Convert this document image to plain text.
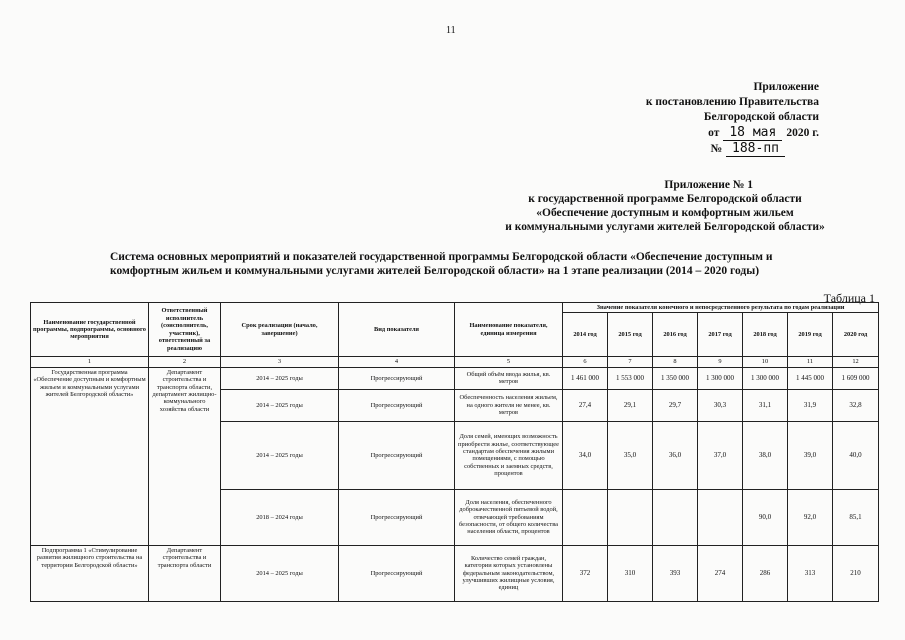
11
Приложение
к постановлению Правительства
Белгородской области
от 18 мая 2020 г.
№ 188-пп
Приложение № 1
к государственной программе Белгородской области
«Обеспечение доступным и комфортным жильем
и коммунальными услугами жителей Белгородской области»
Система основных мероприятий и показателей государственной программы Белгородской области «Обеспечение доступным и комфортным жильем и коммунальными услугами жителей Белгородской области» на 1 этапе реализации (2014 – 2020 годы)
Таблица 1
Наименование государственной программы, подпрограммы, основного мероприятия	Ответственный исполнитель (соисполнитель, участник), ответственный за реализацию	Срок реализации (начало, завершение)	Вид показателя	Наименование показателя, единица измерения	Значение показателя конечного и непосредственного результата по годам реализации						
					2014 год	2015 год	2016 год	2017 год	2018 год	2019 год	2020 год
1	2	3	4	5	6	7	8	9	10	11	12
Государственная программа «Обеспечение доступным и комфортным жильем и коммунальными услугами жителей Белгородской области»	Департамент строительства и транспорта области, департамент жилищно-коммунального хозяйства области	2014 – 2025 годы	Прогрессирующий	Общий объём ввода жилья, кв. метров	1 461 000	1 553 000	1 350 000	1 300 000	1 300 000	1 445 000	1 609 000
		2014 – 2025 годы	Прогрессирующий	Обеспеченность населения жильем, на одного жителя не менее, кв. метров	27,4	29,1	29,7	30,3	31,1	31,9	32,8
		2014 – 2025 годы	Прогрессирующий	Доля семей, имеющих возможность приобрести жилье, соответствующее стандартам обеспечения жилыми помещениями, с помощью собственных и заемных средств, процентов	34,0	35,0	36,0	37,0	38,0	39,0	40,0
		2018 – 2024 годы	Прогрессирующий	Доля населения, обеспеченного доброкачественной питьевой водой, отвечающей требованиям безопасности, от общего количества населения области, процентов					90,0	92,0	85,1
Подпрограмма 1 «Стимулирование развития жилищного строительства на территории Белгородской области»	Департамент строительства и транспорта области	2014 – 2025 годы	Прогрессирующий	Количество семей граждан, категории которых установлены федеральным законодательством, улучшивших жилищные условия, единиц	372	310	393	274	286	313	210
